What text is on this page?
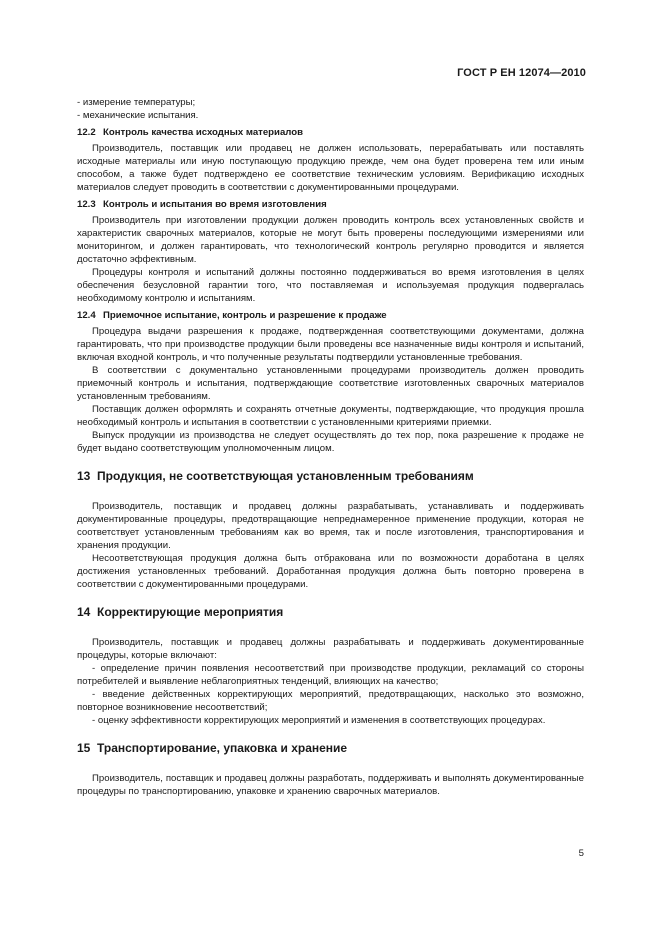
ГОСТ Р ЕН 12074—2010

- измерение температуры;

- механические испытания.

12.2 Контроль качества исходных материалов

Производитель, поставщик или продавец не должен использовать, перерабатывать или поставлять исходные материалы или иную поступающую продукцию прежде, чем она будет проверена тем или иным способом, а также будет подтверждено ее соответствие техническим условиям. Верификацию исходных материалов следует проводить в соответствии с документированными процедурами.

12.3 Контроль и испытания во время изготовления

Производитель при изготовлении продукции должен проводить контроль всех установленных свойств и характеристик сварочных материалов, которые не могут быть проверены последующими измерениями или мониторингом, и должен гарантировать, что технологический контроль регулярно проводится и является достаточно эффективным.

Процедуры контроля и испытаний должны постоянно поддерживаться во время изготовления в целях обеспечения безусловной гарантии того, что поставляемая и используемая продукция подвергалась необходимому контролю и испытаниям.

12.4 Приемочное испытание, контроль и разрешение к продаже

Процедура выдачи разрешения к продаже, подтвержденная соответствующими документами, должна гарантировать, что при производстве продукции были проведены все назначенные виды контроля и испытаний, включая входной контроль, и что полученные результаты подтвердили установленные требования.

В соответствии с документально установленными процедурами производитель должен проводить приемочный контроль и испытания, подтверждающие соответствие изготовленных сварочных материалов установленным требованиям.

Поставщик должен оформлять и сохранять отчетные документы, подтверждающие, что продукция прошла необходимый контроль и испытания в соответствии с установленными критериями приемки.

Выпуск продукции из производства не следует осуществлять до тех пор, пока разрешение к продаже не будет выдано соответствующим уполномоченным лицом.

13 Продукция, не соответствующая установленным требованиям

Производитель, поставщик и продавец должны разрабатывать, устанавливать и поддерживать документированные процедуры, предотвращающие непреднамеренное применение продукции, которая не соответствует установленным требованиям как во время, так и после изготовления, транспортирования и хранения продукции.

Несоответствующая продукция должна быть отбракована или по возможности доработана в целях достижения установленных требований. Доработанная продукция должна быть повторно проверена в соответствии с документированными процедурами.

14 Корректирующие мероприятия

Производитель, поставщик и продавец должны разрабатывать и поддерживать документированные процедуры, которые включают:

- определение причин появления несоответствий при производстве продукции, рекламаций со стороны потребителей и выявление неблагоприятных тенденций, влияющих на качество;

- введение действенных корректирующих мероприятий, предотвращающих, насколько это возможно, повторное возникновение несоответствий;

- оценку эффективности корректирующих мероприятий и изменения в соответствующих процедурах.

15 Транспортирование, упаковка и хранение

Производитель, поставщик и продавец должны разработать, поддерживать и выполнять документированные процедуры по транспортированию, упаковке и хранению сварочных материалов.

5
